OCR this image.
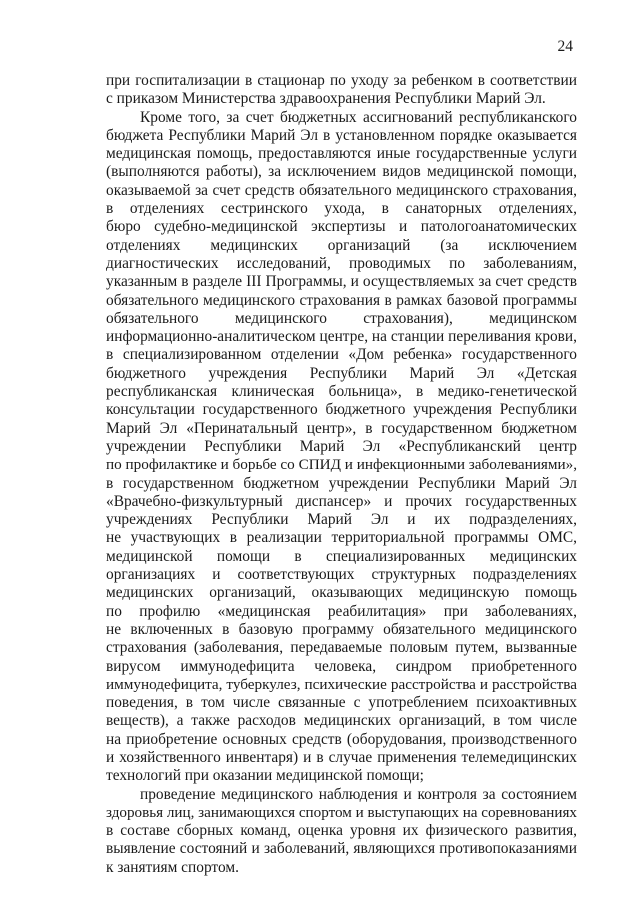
24

при госпитализации в стационар по уходу за ребенком в соответствии
с приказом Министерства здравоохранения Республики Марий Эл.

Кроме того, за счет бюджетных ассигнований республиканского
бюджета Республики Марий Эл в установленном порядке оказывается
медицинская помощь, предоставляются иные государственные услуги
(выполняются работы), за исключением видов медицинской помощи,
оказываемой за счет средств обязательного медицинского страхования,
в отделениях сестринского ухода, в санаторных отделениях,
бюро судебно-медицинской экспертизы и патологоанатомических
отделениях медицинских организаций (за исключением
диагностических исследований, проводимых по заболеваниям,
указанным в разделе III Программы, и осуществляемых за счет средств
обязательного медицинского страхования в рамках базовой программы
обязательного медицинского страхования), медицинском
информационно-аналитическом центре, на станции переливания крови,
в специализированном отделении «Дом ребенка» государственного
бюджетного учреждения Республики Марий Эл «Детская
республиканская клиническая больница», в медико-генетической
консультации государственного бюджетного учреждения Республики
Марий Эл «Перинатальный центр», в государственном бюджетном
учреждении Республики Марий Эл «Республиканский центр
по профилактике и борьбе со СПИД и инфекционными заболеваниями»,
в государственном бюджетном учреждении Республики Марий Эл
«Врачебно-физкультурный диспансер» и прочих государственных
учреждениях Республики Марий Эл и их подразделениях,
не участвующих в реализации территориальной программы ОМС,
медицинской помощи в специализированных медицинских
организациях и соответствующих структурных подразделениях
медицинских организаций, оказывающих медицинскую помощь
по профилю «медицинская реабилитация» при заболеваниях,
не включенных в базовую программу обязательного медицинского
страхования (заболевания, передаваемые половым путем, вызванные
вирусом иммунодефицита человека, синдром приобретенного
иммунодефицита, туберкулез, психические расстройства и расстройства
поведения, в том числе связанные с употреблением психоактивных
веществ), а также расходов медицинских организаций, в том числе
на приобретение основных средств (оборудования, производственного
и хозяйственного инвентаря) и в случае применения телемедицинских
технологий при оказании медицинской помощи;

проведение медицинского наблюдения и контроля за состоянием
здоровья лиц, занимающихся спортом и выступающих на соревнованиях
в составе сборных команд, оценка уровня их физического развития,
выявление состояний и заболеваний, являющихся противопоказаниями
к занятиям спортом.
